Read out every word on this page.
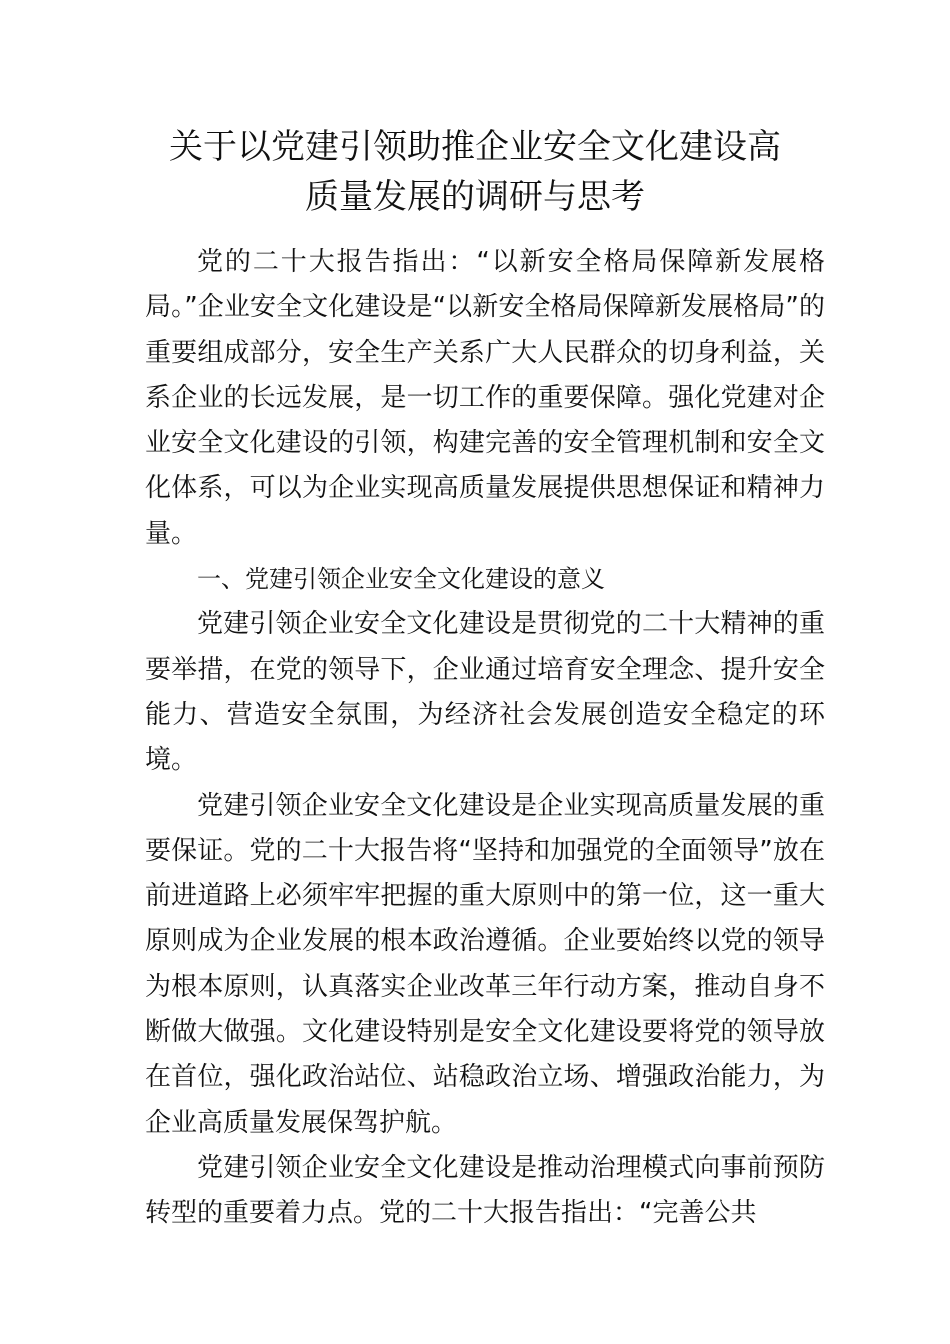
关于以党建引领助推企业安全文化建设高
质量发展的调研与思考

党的二十大报告指出：“以新安全格局保障新发展格局。”企业安全文化建设是“以新安全格局保障新发展格局”的重要组成部分，安全生产关系广大人民群众的切身利益，关系企业的长远发展，是一切工作的重要保障。强化党建对企业安全文化建设的引领，构建完善的安全管理机制和安全文化体系，可以为企业实现高质量发展提供思想保证和精神力量。

一、党建引领企业安全文化建设的意义

党建引领企业安全文化建设是贯彻党的二十大精神的重要举措，在党的领导下，企业通过培育安全理念、提升安全能力、营造安全氛围，为经济社会发展创造安全稳定的环境。

党建引领企业安全文化建设是企业实现高质量发展的重要保证。党的二十大报告将“坚持和加强党的全面领导”放在前进道路上必须牢牢把握的重大原则中的第一位，这一重大原则成为企业发展的根本政治遵循。企业要始终以党的领导为根本原则，认真落实企业改革三年行动方案，推动自身不断做大做强。文化建设特别是安全文化建设要将党的领导放在首位，强化政治站位、站稳政治立场、增强政治能力，为企业高质量发展保驾护航。

党建引领企业安全文化建设是推动治理模式向事前预防转型的重要着力点。党的二十大报告指出：“完善公共
